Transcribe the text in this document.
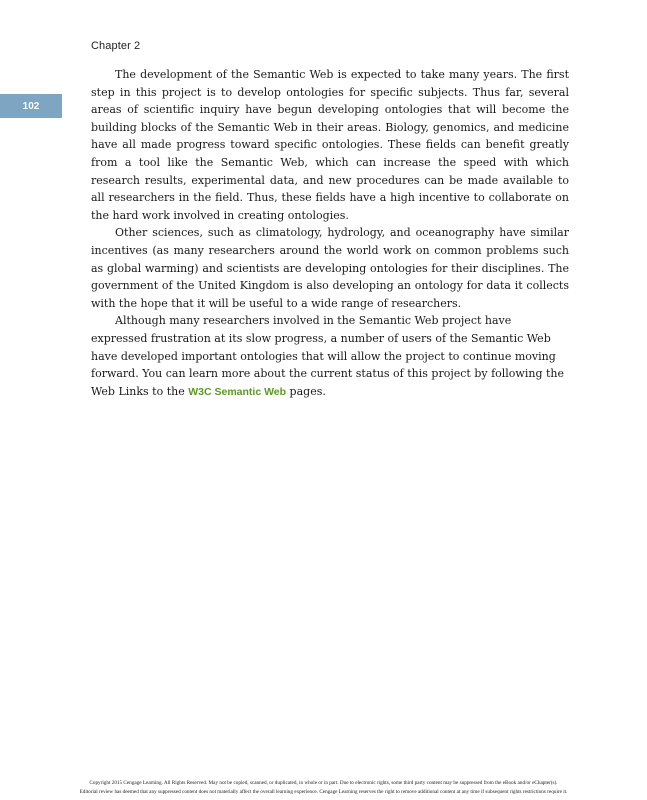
Chapter 2
102

The development of the Semantic Web is expected to take many years. The first step in this project is to develop ontologies for specific subjects. Thus far, several areas of scientific inquiry have begun developing ontologies that will become the building blocks of the Semantic Web in their areas. Biology, genomics, and medicine have all made progress toward specific ontologies. These fields can benefit greatly from a tool like the Semantic Web, which can increase the speed with which research results, experimental data, and new procedures can be made available to all researchers in the field. Thus, these fields have a high incentive to collaborate on the hard work involved in creating ontologies.

Other sciences, such as climatology, hydrology, and oceanography have similar incentives (as many researchers around the world work on common problems such as global warming) and scientists are developing ontologies for their disciplines. The government of the United Kingdom is also developing an ontology for data it collects with the hope that it will be useful to a wide range of researchers.

Although many researchers involved in the Semantic Web project have expressed frustration at its slow progress, a number of users of the Semantic Web have developed important ontologies that will allow the project to continue moving forward. You can learn more about the current status of this project by following the Web Links to the W3C Semantic Web pages.

Copyright 2015 Cengage Learning. All Rights Reserved. May not be copied, scanned, or duplicated, in whole or in part. Due to electronic rights, some third party content may be suppressed from the eBook and/or eChapter(s).
Editorial review has deemed that any suppressed content does not materially affect the overall learning experience. Cengage Learning reserves the right to remove additional content at any time if subsequent rights restrictions require it.
